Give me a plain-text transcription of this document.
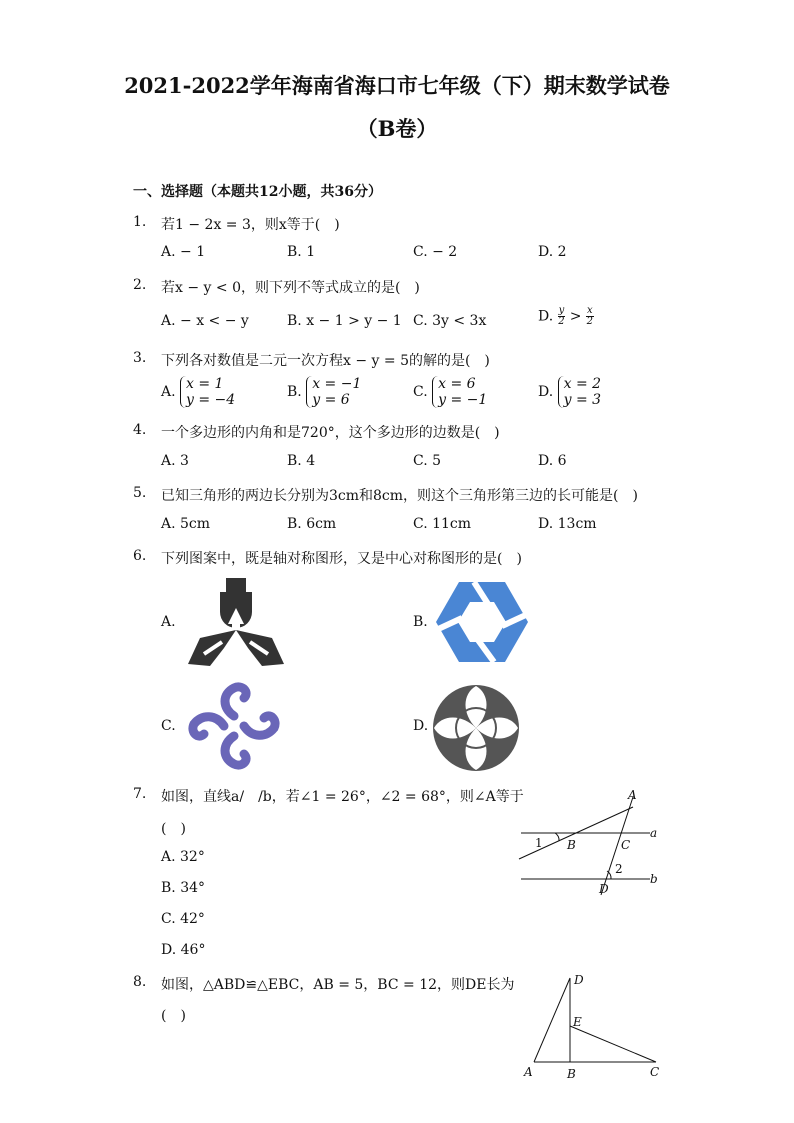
2021-2022学年海南省海口市七年级（下）期末数学试卷
（B卷）
一、选择题（本题共12小题，共36分）
1. 若1 − 2x = 3，则x等于(　)
A. − 1	B. 1	C. − 2	D. 2
2. 若x − y < 0，则下列不等式成立的是(　)
A. − x < − y	B. x − 1 > y − 1 C. 3y < 3x	D. $\frac{y}{2} > \frac{x}{2}$
3. 下列各对数值是二元一次方程x − y = 5的解的是(　)
A. x = 1
y = −4	B. x = −1
y = 6	C. x = 6
y = −1	D. x = 2
y = 3
4. 一个多边形的内角和是720°，这个多边形的边数是(　)
A. 3	B. 4	C. 5	D. 6
5. 已知三角形的两边长分别为3cm和8cm，则这个三角形第三边的长可能是(　)
A. 5cm	B. 6cm	C. 11cm	D. 13cm
6. 下列图案中，既是轴对称图形，又是中心对称图形的是(　)
A.	B.
C.	D.
7. 如图，直线a/　/b，若∠1 = 26°，∠2 = 68°，则∠A等于
(　)
A. 32°
B. 34°
C. 42°
D. 46°
A
B	C
D
a
b
1
2
8. 如图，△ABD≌△EBC，AB = 5，BC = 12，则DE长为
(　)
D
E
A	B	C
